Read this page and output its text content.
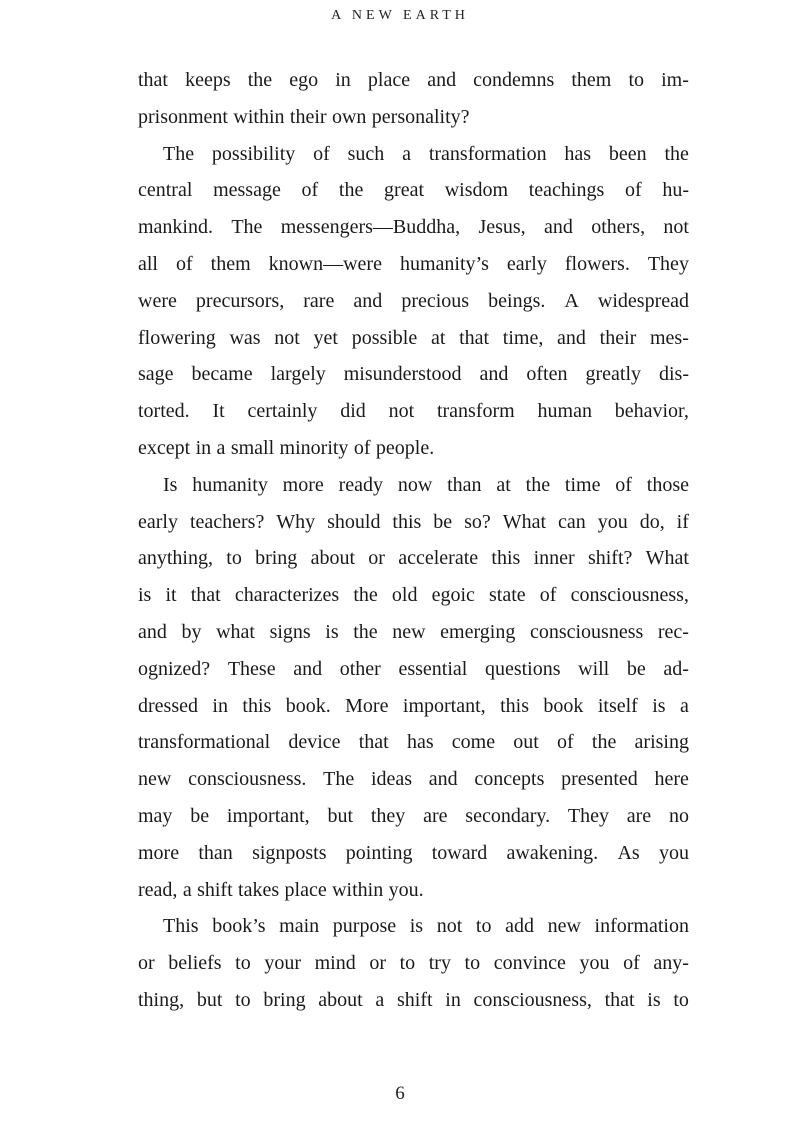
A NEW EARTH
that keeps the ego in place and condemns them to im-
prisonment within their own personality?
The possibility of such a transformation has been the
central message of the great wisdom teachings of hu-
mankind. The messengers—Buddha, Jesus, and others, not
all of them known—were humanity’s early flowers. They
were precursors, rare and precious beings. A widespread
flowering was not yet possible at that time, and their mes-
sage became largely misunderstood and often greatly dis-
torted. It certainly did not transform human behavior,
except in a small minority of people.
Is humanity more ready now than at the time of those
early teachers? Why should this be so? What can you do, if
anything, to bring about or accelerate this inner shift? What
is it that characterizes the old egoic state of consciousness,
and by what signs is the new emerging consciousness rec-
ognized? These and other essential questions will be ad-
dressed in this book. More important, this book itself is a
transformational device that has come out of the arising
new consciousness. The ideas and concepts presented here
may be important, but they are secondary. They are no
more than signposts pointing toward awakening. As you
read, a shift takes place within you.
This book’s main purpose is not to add new information
or beliefs to your mind or to try to convince you of any-
thing, but to bring about a shift in consciousness, that is to
6
